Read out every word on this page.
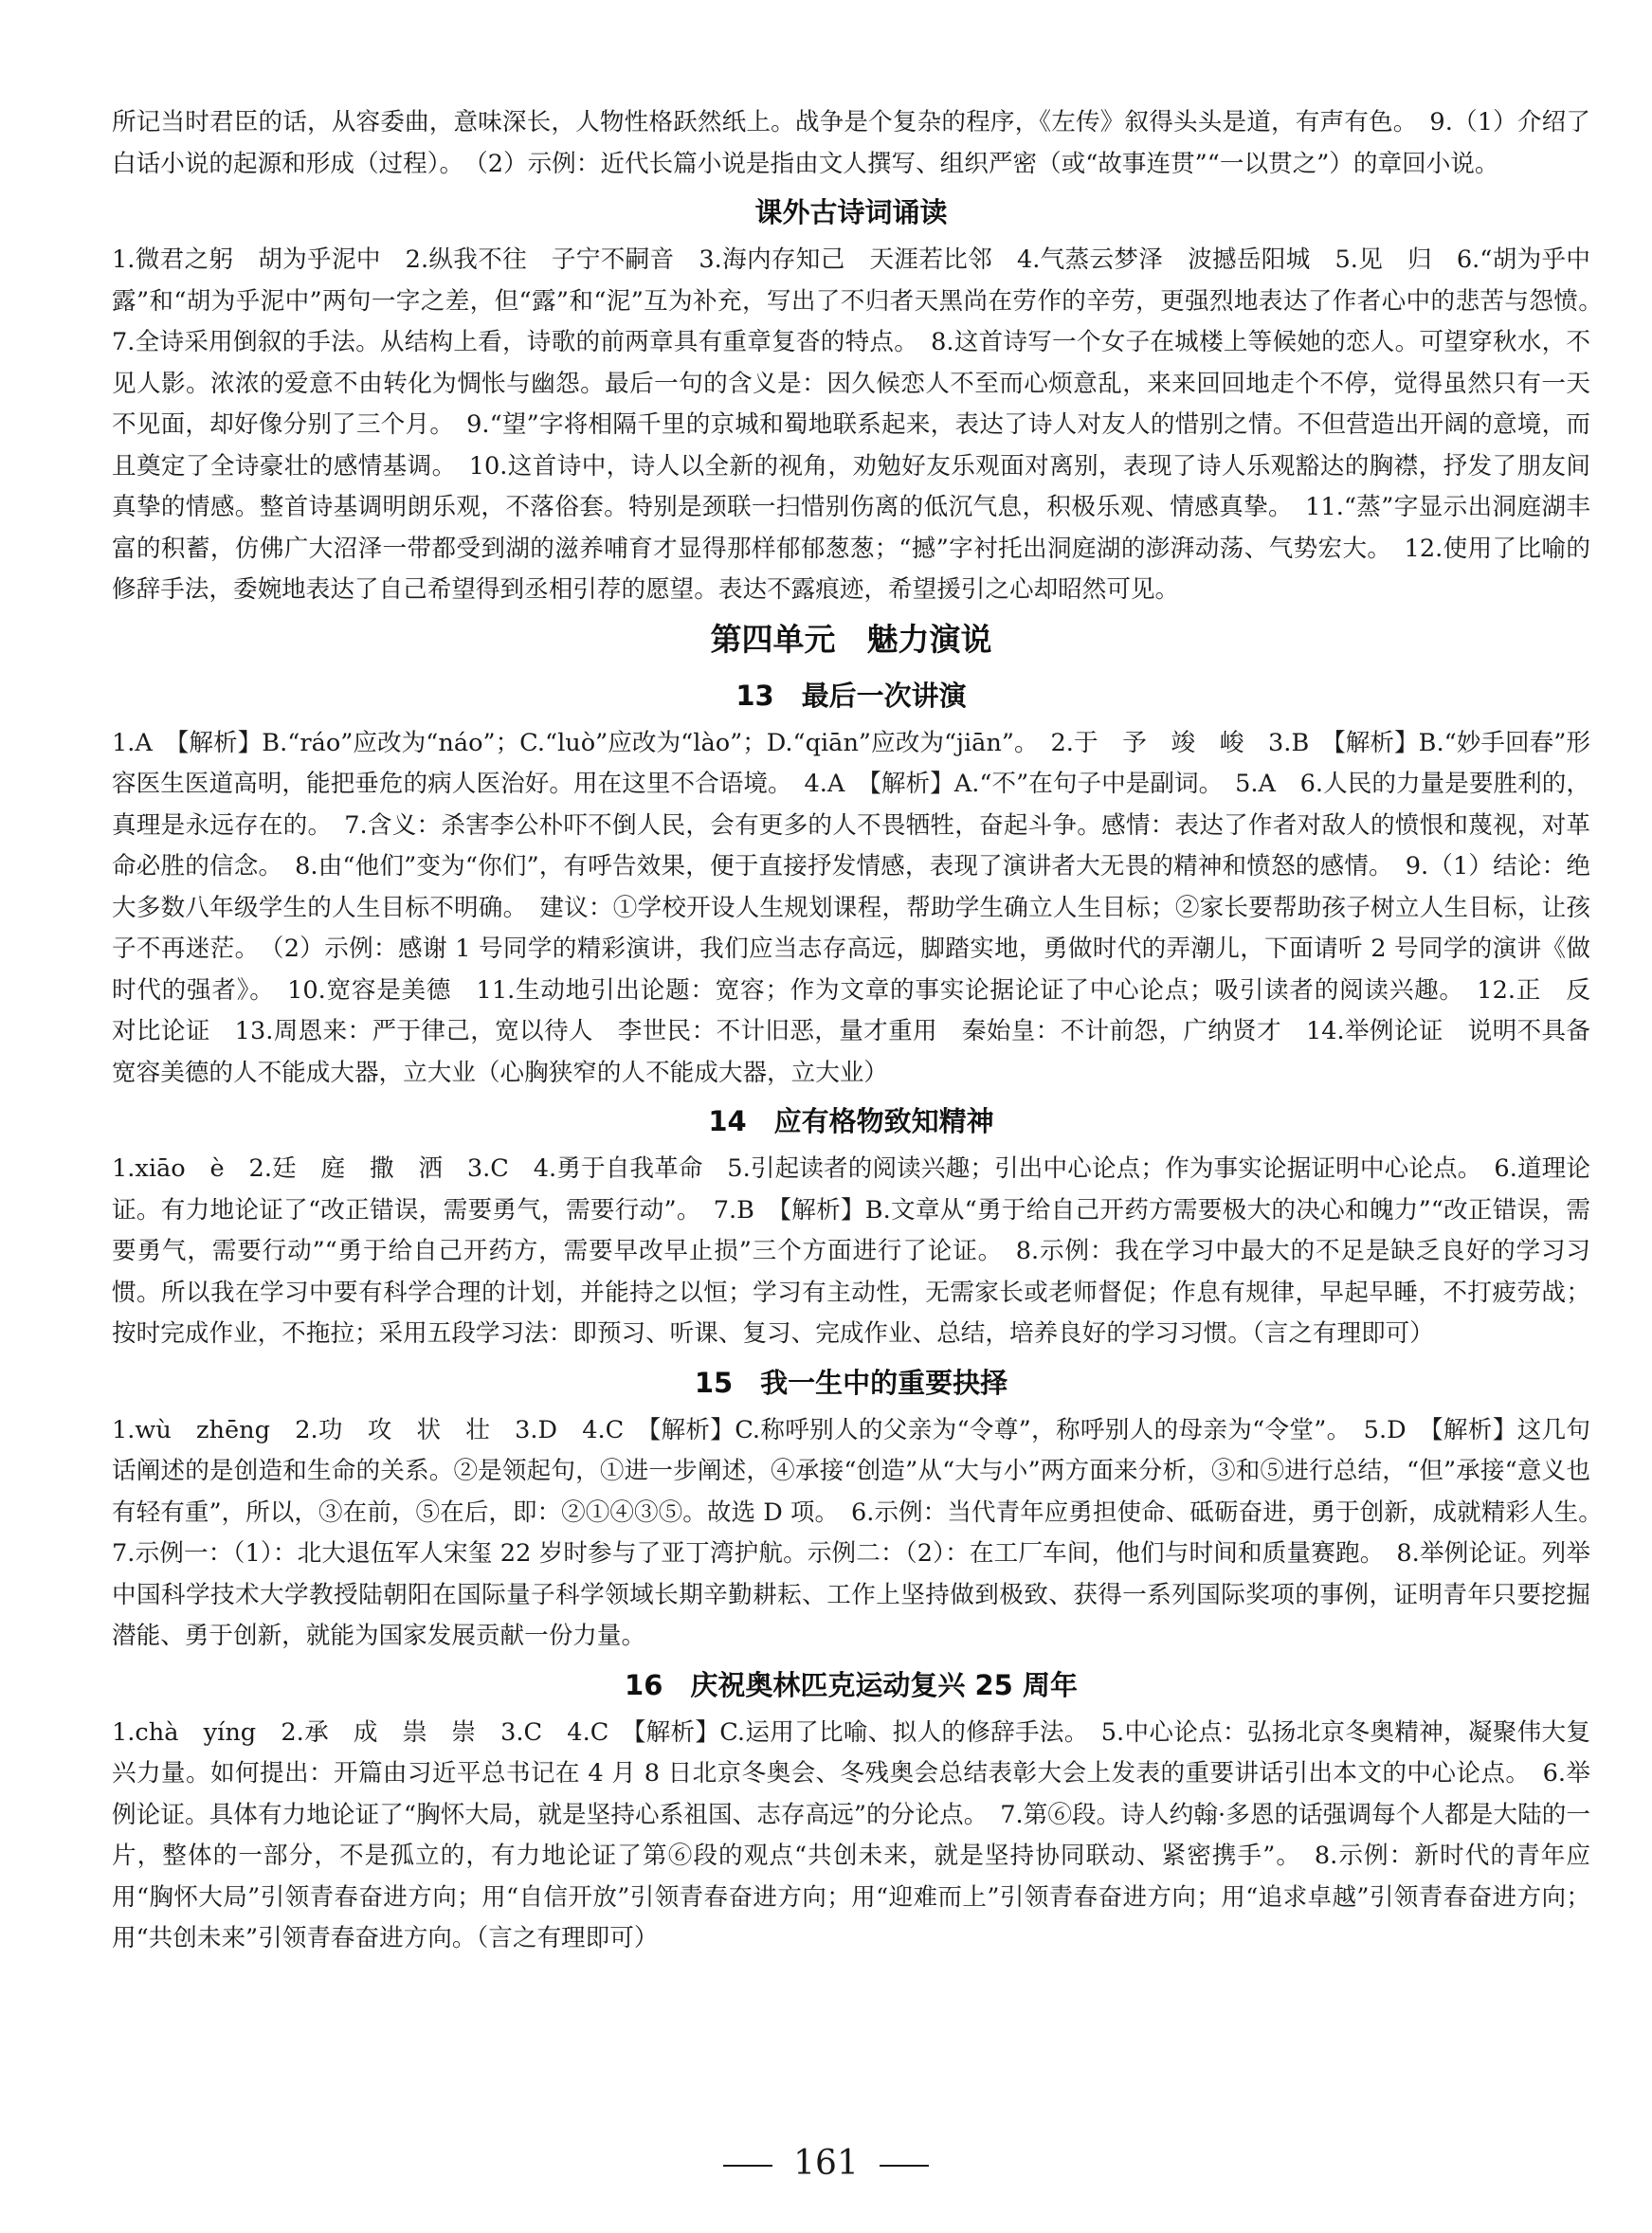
所记当时君臣的话，从容委曲，意味深长，人物性格跃然纸上。战争是个复杂的程序，《左传》叙得头头是道，有声有色。　9.（1）介绍了白话小说的起源和形成（过程）。　（2）示例：近代长篇小说是指由文人撰写、组织严密（或“故事连贯”“一以贯之”）的章回小说。

课外古诗词诵读

1.微君之躬　胡为乎泥中　2.纵我不往　子宁不嗣音　3.海内存知己　天涯若比邻　4.气蒸云梦泽　波撼岳阳城　5.见　归　6.“胡为乎中露”和“胡为乎泥中”两句一字之差，但“露”和“泥”互为补充，写出了不归者天黑尚在劳作的辛劳，更强烈地表达了作者心中的悲苦与怨愤。　7.全诗采用倒叙的手法。从结构上看，诗歌的前两章具有重章复沓的特点。　8.这首诗写一个女子在城楼上等候她的恋人。可望穿秋水，不见人影。浓浓的爱意不由转化为惆怅与幽怨。最后一句的含义是：因久候恋人不至而心烦意乱，来来回回地走个不停，觉得虽然只有一天不见面，却好像分别了三个月。　9.“望”字将相隔千里的京城和蜀地联系起来，表达了诗人对友人的惜别之情。不但营造出开阔的意境，而且奠定了全诗豪壮的感情基调。　10.这首诗中，诗人以全新的视角，劝勉好友乐观面对离别，表现了诗人乐观豁达的胸襟，抒发了朋友间真挚的情感。整首诗基调明朗乐观，不落俗套。特别是颈联一扫惜别伤离的低沉气息，积极乐观、情感真挚。　11.“蒸”字显示出洞庭湖丰富的积蓄，仿佛广大沼泽一带都受到湖的滋养哺育才显得那样郁郁葱葱；“撼”字衬托出洞庭湖的澎湃动荡、气势宏大。　12.使用了比喻的修辞手法，委婉地表达了自己希望得到丞相引荐的愿望。表达不露痕迹，希望援引之心却昭然可见。

第四单元　魅力演说
13　最后一次讲演

1.A　【解析】B.“ráo”应改为“náo”；C.“luò”应改为“lào”；D.“qiān”应改为“jiān”。　2.于　予　竣　峻　3.B　【解析】B.“妙手回春”形容医生医道高明，能把垂危的病人医治好。用在这里不合语境。　4.A　【解析】A.“不”在句子中是副词。　5.A　6.人民的力量是要胜利的，真理是永远存在的。　7.含义：杀害李公朴吓不倒人民，会有更多的人不畏牺牲，奋起斗争。感情：表达了作者对敌人的愤恨和蔑视，对革命必胜的信念。　8.由“他们”变为“你们”，有呼告效果，便于直接抒发情感，表现了演讲者大无畏的精神和愤怒的感情。　9.（1）结论：绝大多数八年级学生的人生目标不明确。　建议：①学校开设人生规划课程，帮助学生确立人生目标；②家长要帮助孩子树立人生目标，让孩子不再迷茫。　（2）示例：感谢 1 号同学的精彩演讲，我们应当志存高远，脚踏实地，勇做时代的弄潮儿，下面请听 2 号同学的演讲《做时代的强者》。　10.宽容是美德　11.生动地引出论题：宽容；作为文章的事实论据论证了中心论点；吸引读者的阅读兴趣。　12.正　反　对比论证　13.周恩来：严于律己，宽以待人　李世民：不计旧恶，量才重用　秦始皇：不计前怨，广纳贤才　14.举例论证　说明不具备宽容美德的人不能成大器，立大业（心胸狭窄的人不能成大器，立大业）

14　应有格物致知精神

1.xiāo　è　2.廷　庭　撒　洒　3.C　4.勇于自我革命　5.引起读者的阅读兴趣；引出中心论点；作为事实论据证明中心论点。　6.道理论证。有力地论证了“改正错误，需要勇气，需要行动”。　7.B　【解析】B.文章从“勇于给自己开药方需要极大的决心和魄力”“改正错误，需要勇气，需要行动”“勇于给自己开药方，需要早改早止损”三个方面进行了论证。　8.示例：我在学习中最大的不足是缺乏良好的学习习惯。所以我在学习中要有科学合理的计划，并能持之以恒；学习有主动性，无需家长或老师督促；作息有规律，早起早睡，不打疲劳战；按时完成作业，不拖拉；采用五段学习法：即预习、听课、复习、完成作业、总结，培养良好的学习习惯。（言之有理即可）

15　我一生中的重要抉择

1.wù　zhēng　2.功　攻　状　壮　3.D　4.C　【解析】C.称呼别人的父亲为“令尊”，称呼别人的母亲为“令堂”。　5.D　【解析】这几句话阐述的是创造和生命的关系。②是领起句，①进一步阐述，④承接“创造”从“大与小”两方面来分析，③和⑤进行总结，“但”承接“意义也有轻有重”，所以，③在前，⑤在后，即：②①④③⑤。故选 D 项。　6.示例：当代青年应勇担使命、砥砺奋进，勇于创新，成就精彩人生。　7.示例一：（1）：北大退伍军人宋玺 22 岁时参与了亚丁湾护航。示例二：（2）：在工厂车间，他们与时间和质量赛跑。　8.举例论证。列举中国科学技术大学教授陆朝阳在国际量子科学领域长期辛勤耕耘、工作上坚持做到极致、获得一系列国际奖项的事例，证明青年只要挖掘潜能、勇于创新，就能为国家发展贡献一份力量。

16　庆祝奥林匹克运动复兴 25 周年

1.chà　yíng　2.承　成　祟　崇　3.C　4.C　【解析】C.运用了比喻、拟人的修辞手法。　5.中心论点：弘扬北京冬奥精神，凝聚伟大复兴力量。如何提出：开篇由习近平总书记在 4 月 8 日北京冬奥会、冬残奥会总结表彰大会上发表的重要讲话引出本文的中心论点。　6.举例论证。具体有力地论证了“胸怀大局，就是坚持心系祖国、志存高远”的分论点。　7.第⑥段。诗人约翰·多恩的话强调每个人都是大陆的一片，整体的一部分，不是孤立的，有力地论证了第⑥段的观点“共创未来，就是坚持协同联动、紧密携手”。　8.示例：新时代的青年应用“胸怀大局”引领青春奋进方向；用“自信开放”引领青春奋进方向；用“迎难而上”引领青春奋进方向；用“追求卓越”引领青春奋进方向；用“共创未来”引领青春奋进方向。（言之有理即可）

161
